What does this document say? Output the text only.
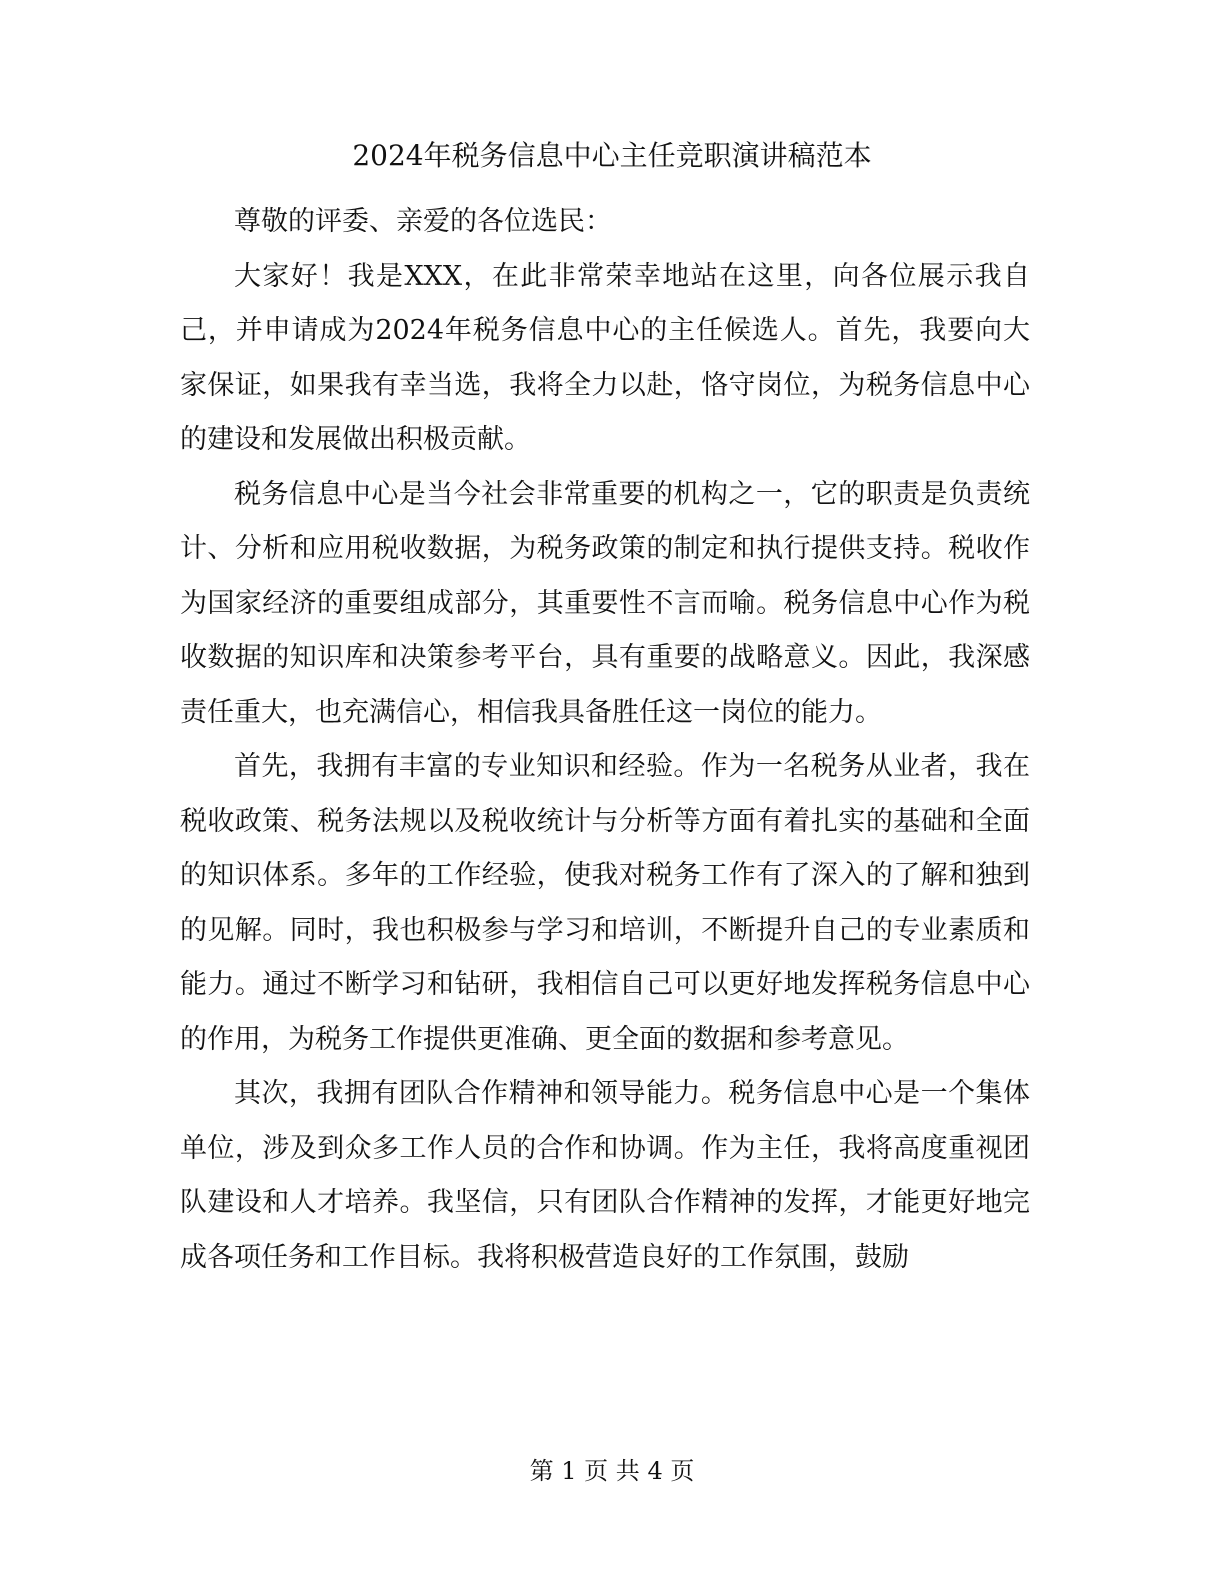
2024年税务信息中心主任竞职演讲稿范本

尊敬的评委、亲爱的各位选民：

大家好！我是XXX，在此非常荣幸地站在这里，向各位展示我自己，并申请成为2024年税务信息中心的主任候选人。首先，我要向大家保证，如果我有幸当选，我将全力以赴，恪守岗位，为税务信息中心的建设和发展做出积极贡献。

税务信息中心是当今社会非常重要的机构之一，它的职责是负责统计、分析和应用税收数据，为税务政策的制定和执行提供支持。税收作为国家经济的重要组成部分，其重要性不言而喻。税务信息中心作为税收数据的知识库和决策参考平台，具有重要的战略意义。因此，我深感责任重大，也充满信心，相信我具备胜任这一岗位的能力。

首先，我拥有丰富的专业知识和经验。作为一名税务从业者，我在税收政策、税务法规以及税收统计与分析等方面有着扎实的基础和全面的知识体系。多年的工作经验，使我对税务工作有了深入的了解和独到的见解。同时，我也积极参与学习和培训，不断提升自己的专业素质和能力。通过不断学习和钻研，我相信自己可以更好地发挥税务信息中心的作用，为税务工作提供更准确、更全面的数据和参考意见。

其次，我拥有团队合作精神和领导能力。税务信息中心是一个集体单位，涉及到众多工作人员的合作和协调。作为主任，我将高度重视团队建设和人才培养。我坚信，只有团队合作精神的发挥，才能更好地完成各项任务和工作目标。我将积极营造良好的工作氛围，鼓励

第 1 页 共 4 页
